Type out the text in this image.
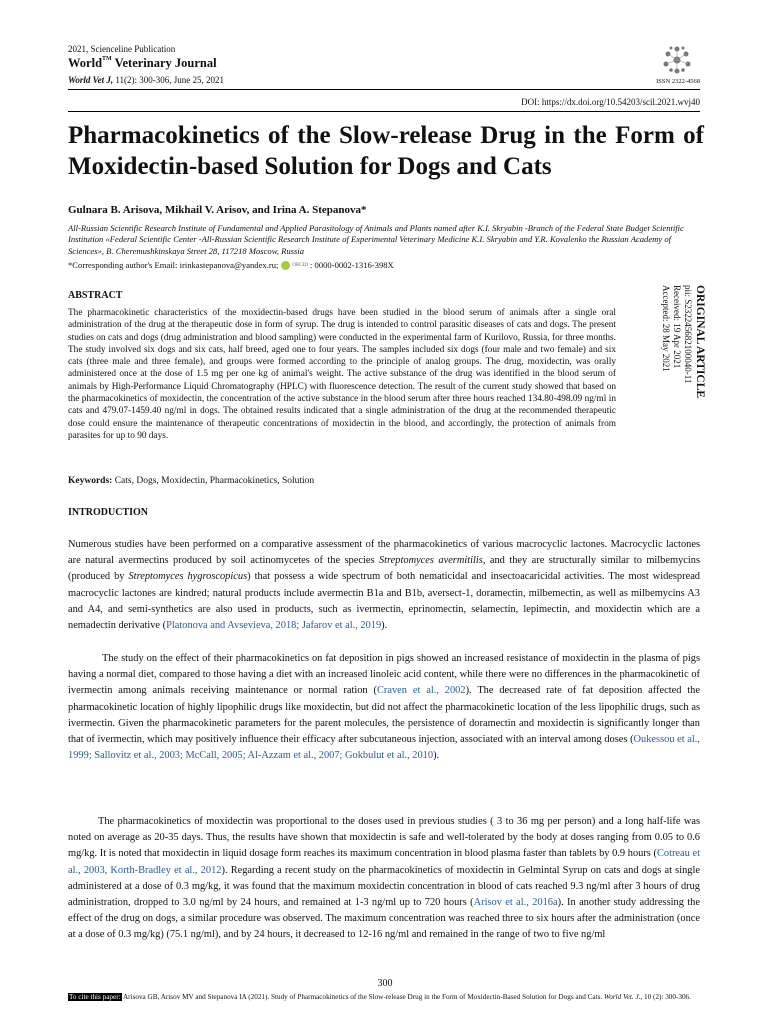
2021, Scienceline Publication
World™ Veterinary Journal
World Vet J, 11(2): 300-306, June 25, 2021	ISSN 2322-4568
DOI: https://dx.doi.org/10.54203/scil.2021.wvj40
Pharmacokinetics of the Slow-release Drug in the Form of Moxidectin-based Solution for Dogs and Cats
Gulnara B. Arisova, Mikhail V. Arisov, and Irina A. Stepanova*
All-Russian Scientific Research Institute of Fundamental and Applied Parasitology of Animals and Plants named after K.I. Skryabin -Branch of the Federal State Budget Scientific Institution «Federal Scientific Center -All-Russian Scientific Research Institute of Experimental Veterinary Medicine K.I. Skryabin and Y.R. Kovalenko the Russian Academy of Sciences», B. Cheremushkinskaya Street 28, 117218 Moscow, Russia
*Corresponding author's Email: irinkastepanova@yandex.ru;	ORCID : 0000-0002-1316-398X
ABSTRACT

The pharmacokinetic characteristics of the moxidectin-based drugs have been studied in the blood serum of animals after a single oral administration of the drug at the therapeutic dose in form of syrup. The drug is intended to control parasitic diseases of cats and dogs. The present studies on cats and dogs (drug administration and blood sampling) were conducted in the experimental farm of Kurilovo, Russia, for three months. The study involved six dogs and six cats, half breed, aged one to four years. The samples included six dogs (four male and two female) and six cats (three male and three female), and groups were formed according to the principle of analog groups. The drug, moxidectin, was orally administered once at the dose of 1.5 mg per one kg of animal's weight. The active substance of the drug was identified in the blood serum of animals by High-Performance Liquid Chromatography (HPLC) with fluorescence detection. The result of the current study showed that based on the pharmacokinetics of moxidectin, the concentration of the active substance in the blood serum after three hours reached 134.80-498.09 ng/ml in cats and 479.07-1459.40 ng/ml in dogs. The obtained results indicated that a single administration of the drug at the recommended therapeutic dose could ensure the maintenance of therapeutic concentrations of moxidectin in the blood, and accordingly, the protection of animals from parasites for up to 90 days.

Keywords: Cats, Dogs, Moxidectin, Pharmacokinetics, Solution
ORIGINAL ARTICLE
pii: S232245682100040-11
Received: 19 Apr 2021
Accepted: 28 May 2021
INTRODUCTION

Numerous studies have been performed on a comparative assessment of the pharmacokinetics of various macrocyclic lactones. Macrocyclic lactones are natural avermectins produced by soil actinomycetes of the species Streptomyces avermitilis, and they are structurally similar to milbemycins (produced by Streptomyces hygroscopicus) that possess a wide spectrum of both nematicidal and insectoacaricidal activities. The most widespread macrocyclic lactones are kindred; natural products include avermectin B1a and B1b, aversect-1, doramectin, milbemectin, as well as milbemycins A3 and A4, and semi-synthetics are also used in products, such as ivermectin, eprinomectin, selamectin, lepimectin, and moxidectin which are a nemadectin derivative (Platonova and Avsevieva, 2018; Jafarov et al., 2019).

The study on the effect of their pharmacokinetics on fat deposition in pigs showed an increased resistance of moxidectin in the plasma of pigs having a normal diet, compared to those having a diet with an increased linoleic acid content, while there were no differences in the pharmacokinetic of ivermectin among animals receiving maintenance or normal ration (Craven et al., 2002). The decreased rate of fat deposition affected the pharmacokinetic location of highly lipophilic drugs like moxidectin, but did not affect the pharmacokinetic location of the less lipophilic drugs, such as ivermectin. Given the pharmacokinetic parameters for the parent molecules, the persistence of doramectin and moxidectin is significantly longer than that of ivermectin, which may positively influence their efficacy after subcutaneous injection, associated with an interval among doses (Oukessou et al., 1999; Sallovitz et al., 2003; McCall, 2005; Al-Azzam et al., 2007; Gokbulut et al., 2010).

The pharmacokinetics of moxidectin was proportional to the doses used in previous studies ( 3 to 36 mg per person) and a long half-life was noted on average as 20-35 days. Thus, the results have shown that moxidectin is safe and well-tolerated by the body at doses ranging from 0.05 to 0.6 mg/kg. It is noted that moxidectin in liquid dosage form reaches its maximum concentration in blood plasma faster than tablets by 0.9 hours (Cotreau et al., 2003, Korth-Bradley et al., 2012). Regarding a recent study on the pharmacokinetics of moxidectin in Gelmintal Syrup on cats and dogs at single administered at a dose of 0.3 mg/kg, it was found that the maximum moxidectin concentration in blood of cats reached 9.3 ng/ml after 3 hours of drug administration, dropped to 3.0 ng/ml by 24 hours, and remained at 1-3 ng/ml up to 720 hours (Arisov et al., 2016a). In another study addressing the effect of the drug on dogs, a similar procedure was observed. The maximum concentration was reached three to six hours after the administration (once at a dose of 0.3 mg/kg) (75.1 ng/ml), and by 24 hours, it decreased to 12-16 ng/ml and remained in the range of two to five ng/ml

300
To cite this paper: Arisova GB, Arisov MV and Stepanova IA (2021). Study of Pharmacokinetics of the Slow-release Drug in the Form of Moxidectin-Based Solution for Dogs and Cats. World Vet. J., 10 (2): 300-306.
